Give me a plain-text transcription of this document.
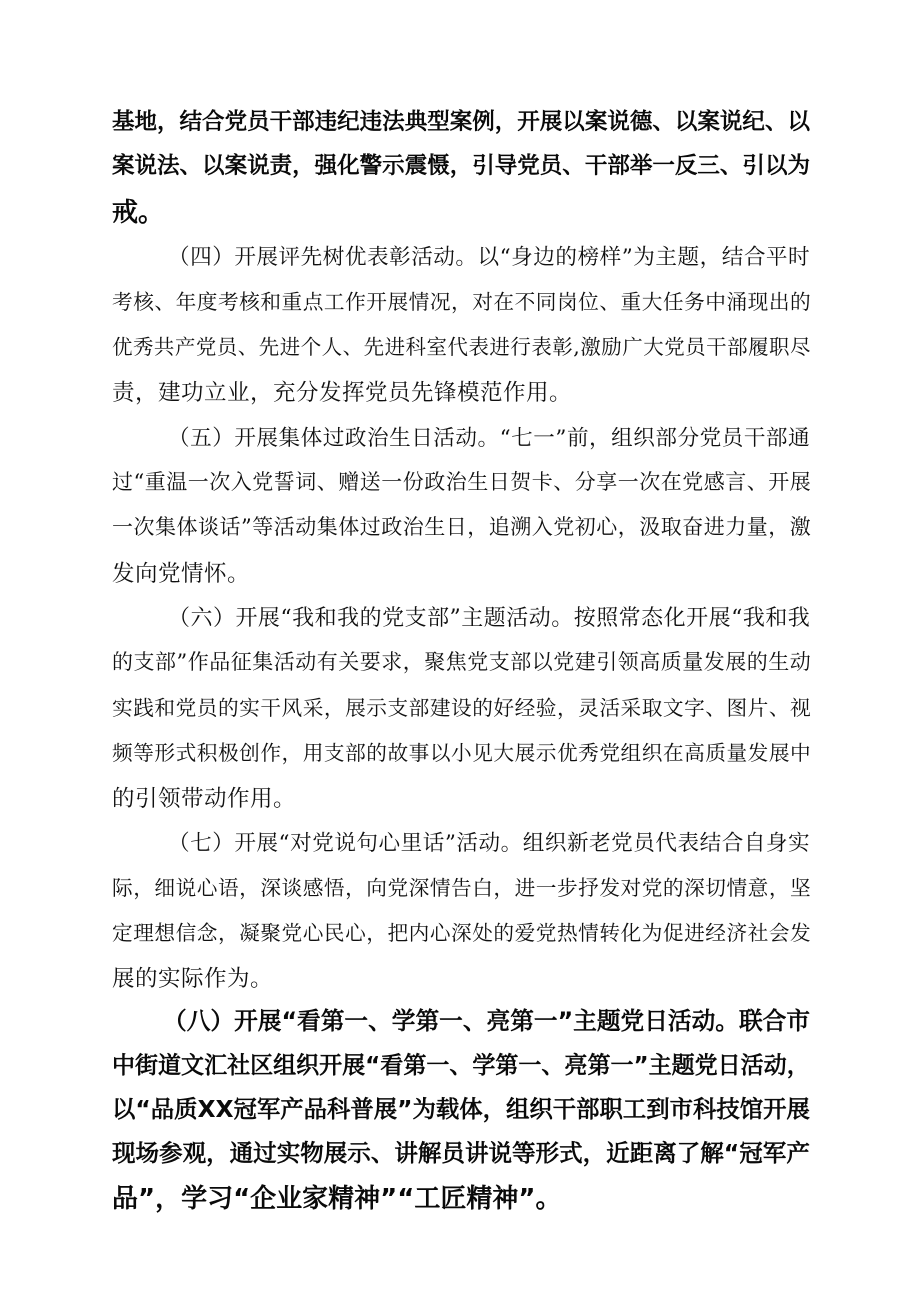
基地，结合党员干部违纪违法典型案例，开展以案说德、以案说纪、以
案说法、以案说责，强化警示震慑，引导党员、干部举一反三、引以为
戒。
（四）开展评先树优表彰活动。以“身边的榜样”为主题，结合平时
考核、年度考核和重点工作开展情况，对在不同岗位、重大任务中涌现出的
优秀共产党员、先进个人、先进科室代表进行表彰,激励广大党员干部履职尽
责，建功立业，充分发挥党员先锋模范作用。
（五）开展集体过政治生日活动。“七一”前，组织部分党员干部通
过“重温一次入党誓词、赠送一份政治生日贺卡、分享一次在党感言、开展
一次集体谈话”等活动集体过政治生日，追溯入党初心，汲取奋进力量，激
发向党情怀。
（六）开展“我和我的党支部”主题活动。按照常态化开展“我和我
的支部”作品征集活动有关要求，聚焦党支部以党建引领高质量发展的生动
实践和党员的实干风采，展示支部建设的好经验，灵活采取文字、图片、视
频等形式积极创作，用支部的故事以小见大展示优秀党组织在高质量发展中
的引领带动作用。
（七）开展“对党说句心里话”活动。组织新老党员代表结合自身实
际，细说心语，深谈感悟，向党深情告白，进一步抒发对党的深切情意，坚
定理想信念，凝聚党心民心，把内心深处的爱党热情转化为促进经济社会发
展的实际作为。
（八）开展“看第一、学第一、亮第一”主题党日活动。联合市
中街道文汇社区组织开展“看第一、学第一、亮第一”主题党日活动，
以“品质XX冠军产品科普展”为载体，组织干部职工到市科技馆开展
现场参观，通过实物展示、讲解员讲说等形式，近距离了解“冠军产
品”，学习“企业家精神”“工匠精神”。
